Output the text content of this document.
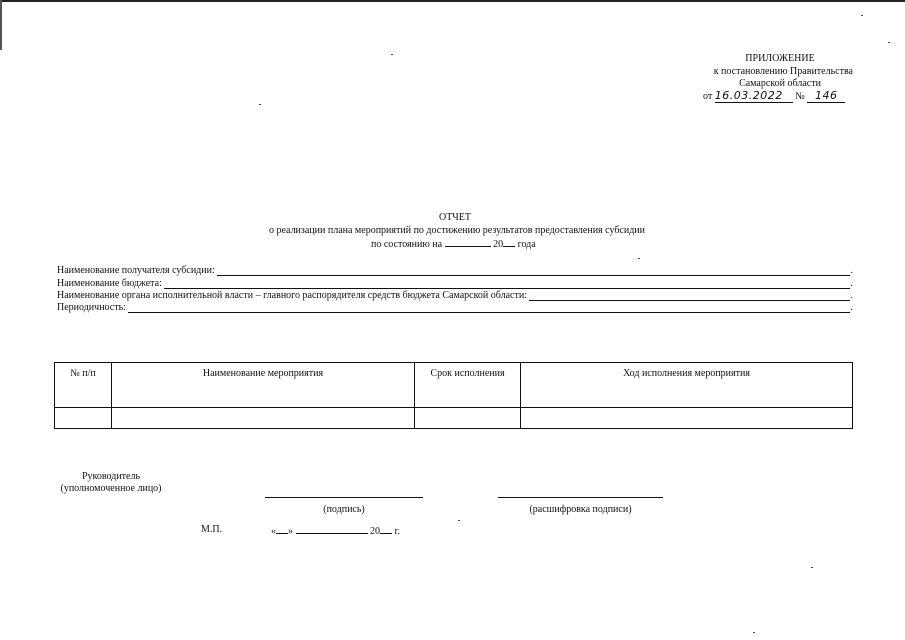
ПРИЛОЖЕНИЕ
к постановлению Правительства
Самарской области
от 16.03.2022 № 146
ОТЧЕТ
о реализации плана мероприятий по достижению результатов предоставления субсидии
по состоянию на	20 года
Наименование получателя субсидии:	.
Наименование бюджета:	.
Наименование органа исполнительной власти – главного распорядителя средств бюджета Самарской области:	.
Периодичность:	.
№ п/п	Наименование мероприятия	Срок исполнения	Ход исполнения мероприятия

Руководитель
(уполномоченное лицо)
(подпись)	(расшифровка подписи)
М.П.	« »	20 г.
